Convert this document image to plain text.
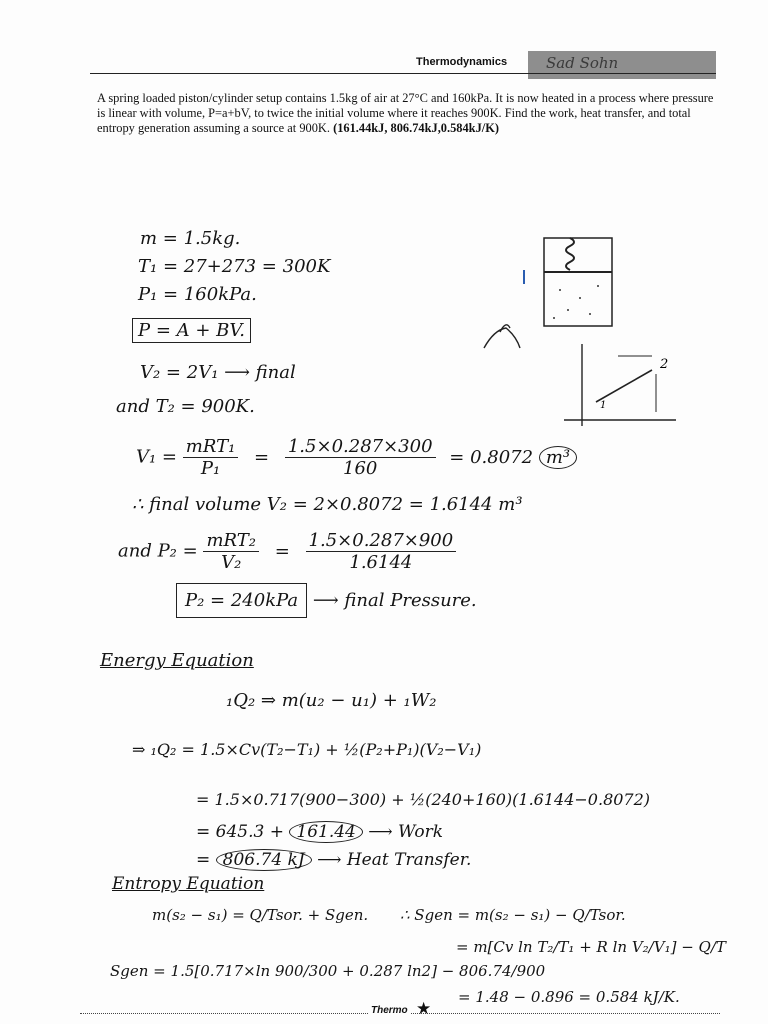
Sad Sohn
Thermodynamics
A spring loaded piston/cylinder setup contains 1.5kg of air at 27°C and 160kPa. It is now heated in a process where pressure is linear with volume, P=a+bV, to twice the initial volume where it reaches 900K. Find the work, heat transfer, and total entropy generation assuming a source at 900K. (161.44kJ, 806.74kJ,0.584kJ/K)
m = 1.5kg.
T₁ = 27+273 = 300K
P₁ = 160kPa.
P = A + BV.
V₂ = 2V₁ ⟶ final
and T₂ = 900K.
$V_1 = \frac{\text{mRT₁}}{\text{P₁}} = \frac{1.5\times 0.287\times 300}{160} = 0.8072$ m³
∴ final volume V₂ = 2×0.8072 = 1.6144 m³
and $P_2 = \frac{\text{mRT₂}}{\text{V₂}} = \frac{1.5\times 0.287\times 900}{1.6144}$
P₂ = 240kPa ⟶ final Pressure.
Energy Equation
₁Q₂ ⇒ m(u₂ − u₁) + ₁W₂
⇒ ₁Q₂ = 1.5×Cv(T₂−T₁) + ½(P₂+P₁)(V₂−V₁)
= 1.5×0.717(900−300) + ½(240+160)(1.6144−0.8072)
= 645.3 + 161.44 ⟶ Work
= 806.74 kJ ⟶ Heat Transfer.
Entropy Equation
m(s₂ − s₁) = Q/Tsor. + Sgen. ∴ Sgen = m(s₂ − s₁) − Q/Tsor.
= m[Cv ln T₂/T₁ + R ln V₂/V₁] − Q/T
Sgen = 1.5[0.717×ln 900/300 + 0.287 ln2] − 806.74/900
= 1.48 − 0.896 = 0.584 kJ/K.
2
1
Thermo ★
